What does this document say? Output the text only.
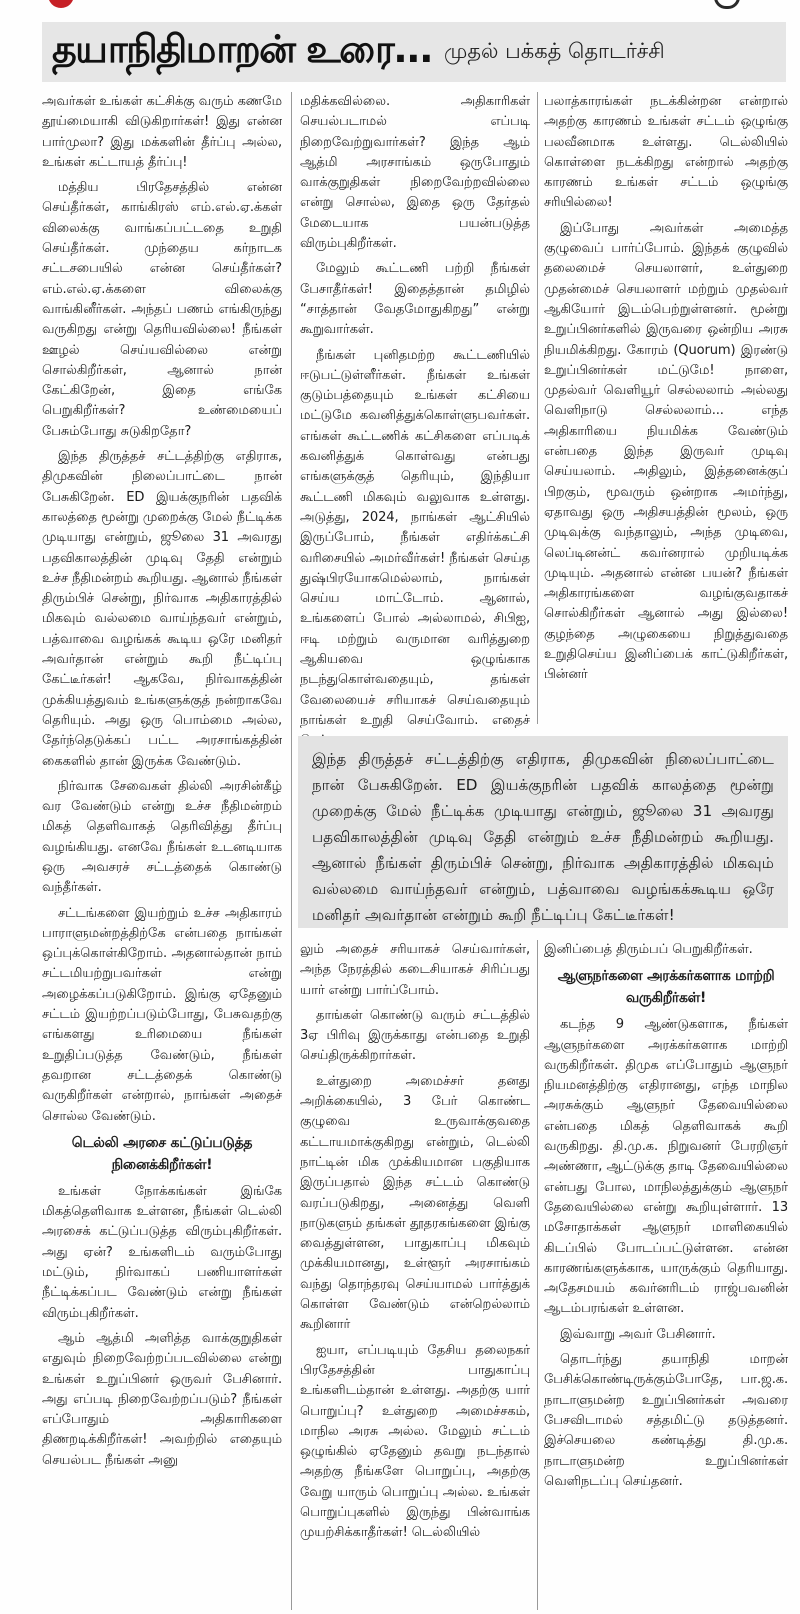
தயாநிதிமாறன் உரை... முதல் பக்கத் தொடர்ச்சி

அவர்கள் உங்கள் கட்சிக்கு வரும் கணமே தூய்மையாகி விடுகிறார்கள்! இது என்ன பார்முலா? இது மக்களின் தீர்ப்பு அல்ல, உங்கள் கட்டாயத் தீர்ப்பு!

மத்திய பிரதேசத்தில் என்ன செய்தீர்கள், காங்கிரஸ் எம்.எல்.ஏ.க்கள் விலைக்கு வாங்கப்பட்டதை உறுதி செய்தீர்கள். முந்தைய கர்நாடக சட்டசபையில் என்ன செய்தீர்கள்? எம்.எல்.ஏ.க்களை விலைக்கு வாங்கினீர்கள். அந்தப் பணம் எங்கிருந்து வருகிறது என்று தெரியவில்லை! நீங்கள் ஊழல் செய்யவில்லை என்று சொல்கிறீர்கள், ஆனால் நான் கேட்கிறேன், இதை எங்கே பெறுகிறீர்கள்? உண்மையைப் பேசும்போது சுடுகிறதோ?

இந்த திருத்தச் சட்டத்திற்கு எதிராக, திமுகவின் நிலைப்பாட்டை நான் பேசுகிறேன். ED இயக்குநரின் பதவிக் காலத்தை மூன்று முறைக்கு மேல் நீட்டிக்க முடியாது என்றும், ஜூலை 31 அவரது பதவிகாலத்தின் முடிவு தேதி என்றும் உச்ச நீதிமன்றம் கூறியது. ஆனால் நீங்கள் திரும்பிச் சென்று, நிர்வாக அதிகாரத்தில் மிகவும் வல்லமை வாய்ந்தவர் என்றும், பத்வாவை வழங்கக் கூடிய ஒரே மனிதர் அவர்தான் என்றும் கூறி நீட்டிப்பு கேட்டீர்கள்! ஆகவே, நிர்வாகத்தின் முக்கியத்துவம் உங்களுக்குத் நன்றாகவே தெரியும். அது ஒரு பொம்மை அல்ல, தேர்ந்தெடுக்கப் பட்ட அரசாங்கத்தின் கைகளில் தான் இருக்க வேண்டும்.

நிர்வாக சேவைகள் தில்லி அரசின்கீழ் வர வேண்டும் என்று உச்ச நீதிமன்றம் மிகத் தெளிவாகத் தெரிவித்து தீர்ப்பு வழங்கியது. எனவே நீங்கள் உடனடியாக ஒரு அவசரச் சட்டத்தைக் கொண்டு வந்தீர்கள்.

சட்டங்களை இயற்றும் உச்ச அதிகாரம் பாராளுமன்றத்திற்கே என்பதை நாங்கள் ஒப்புக்கொள்கிறோம். அதனால்தான் நாம் சட்டமியற்றுபவர்கள் என்று அழைக்கப்படுகிறோம். இங்கு ஏதேனும் சட்டம் இயற்றப்படும்போது, பேசுவதற்கு எங்களது உரிமையை நீங்கள் உறுதிப்படுத்த வேண்டும், நீங்கள் தவறான சட்டத்தைக் கொண்டு வருகிறீர்கள் என்றால், நாங்கள் அதைச் சொல்ல வேண்டும்.

டெல்லி அரசை கட்டுப்படுத்த நினைக்கிறீர்கள்!

உங்கள் நோக்கங்கள் இங்கே மிகத்தெளிவாக உள்ளன, நீங்கள் டெல்லி அரசைக் கட்டுப்படுத்த விரும்புகிறீர்கள். அது ஏன்? உங்களிடம் வரும்போது மட்டும், நிர்வாகப் பணியாளர்கள் நீட்டிக்கப்பட வேண்டும் என்று நீங்கள் விரும்புகிறீர்கள்.

ஆம் ஆத்மி அளித்த வாக்குறுதிகள் எதுவும் நிறைவேற்றப்படவில்லை என்று உங்கள் உறுப்பினர் ஒருவர் பேசினார். அது எப்படி நிறைவேற்றப்படும்? நீங்கள் எப்போதும் அதிகாரிகளை திணறடிக்கிறீர்கள்! அவற்றில் எதையும் செயல்பட நீங்கள் அனு

மதிக்கவில்லை. அதிகாரிகள் செயல்படாமல் எப்படி நிறைவேற்றுவார்கள்? இந்த ஆம் ஆத்மி அரசாங்கம் ஒருபோதும் வாக்குறுதிகள் நிறைவேற்றவில்லை என்று சொல்ல, இதை ஒரு தேர்தல் மேடையாக பயன்படுத்த விரும்புகிறீர்கள்.

மேலும் கூட்டணி பற்றி நீங்கள் பேசாதீர்கள்! இதைத்தான் தமிழில் “சாத்தான் வேதமோதுகிறது” என்று கூறுவார்கள்.

நீங்கள் புனிதமற்ற கூட்டணியில் ஈடுபட்டுள்ளீர்கள். நீங்கள் உங்கள் குடும்பத்தையும் உங்கள் கட்சியை மட்டுமே கவனித்துக்கொள்ளுபவர்கள். எங்கள் கூட்டணிக் கட்சிகளை எப்படிக் கவனித்துக் கொள்வது என்பது எங்களுக்குத் தெரியும், இந்தியா கூட்டணி மிகவும் வலுவாக உள்ளது. அடுத்து, 2024, நாங்கள் ஆட்சியில் இருப்போம், நீங்கள் எதிர்க்கட்சி வரிசையில் அமர்வீர்கள்! நீங்கள் செய்த துஷ்பிரயோகமெல்லாம், நாங்கள் செய்ய மாட்டோம். ஆனால், உங்களைப் போல் அல்லாமல், சிபிஐ, ஈடி மற்றும் வருமான வரித்துறை ஆகியவை ஒழுங்காக நடந்துகொள்வதையும், தங்கள் வேலையைச் சரியாகச் செய்வதையும் நாங்கள் உறுதி செய்வோம். எதைச்

பலாத்காரங்கள் நடக்கின்றன என்றால் அதற்கு காரணம் உங்கள் சட்டம் ஒழுங்கு பலவீனமாக உள்ளது. டெல்லியில் கொள்ளை நடக்கிறது என்றால் அதற்கு காரணம் உங்கள் சட்டம் ஒழுங்கு சரியில்லை!

இப்போது அவர்கள் அமைத்த குழுவைப் பார்ப்போம். இந்தக் குழுவில் தலைமைச் செயலாளர், உள்துறை முதன்மைச் செயலாளர் மற்றும் முதல்வர் ஆகியோர் இடம்பெற்றுள்ளனர். மூன்று உறுப்பினர்களில் இருவரை ஒன்றிய அரசு நியமிக்கிறது. கோரம் (Quorum) இரண்டு உறுப்பினர்கள் மட்டுமே! நாளை, முதல்வர் வெளியூர் செல்லலாம் அல்லது வெளிநாடு செல்லலாம்... எந்த அதிகாரியை நியமிக்க வேண்டும் என்பதை இந்த இருவர் முடிவு செய்யலாம். அதிலும், இத்தனைக்குப் பிறகும், மூவரும் ஒன்றாக அமர்ந்து, ஏதாவது ஒரு அதிசயத்தின் மூலம், ஒரு முடிவுக்கு வந்தாலும், அந்த முடிவை, லெப்டினன்ட் கவர்னரால் முறியடிக்க முடியும். அதனால் என்ன பயன்? நீங்கள் அதிகாரங்களை வழங்குவதாகச் சொல்கிறீர்கள் ஆனால் அது இல்லை! குழந்தை அழுகையை நிறுத்துவதை உறுதிசெய்ய இனிப்பைக் காட்டுகிறீர்கள், பின்னர்

இந்த திருத்தச் சட்டத்திற்கு எதிராக, திமுகவின் நிலைப்பாட்டை நான் பேசுகிறேன். ED இயக்குநரின் பதவிக் காலத்தை மூன்று முறைக்கு மேல் நீட்டிக்க முடியாது என்றும், ஜூலை 31 அவரது பதவிகாலத்தின் முடிவு தேதி என்றும் உச்ச நீதிமன்றம் கூறியது. ஆனால் நீங்கள் திரும்பிச் சென்று, நிர்வாக அதிகாரத்தில் மிகவும் வல்லமை வாய்ந்தவர் என்றும், பத்வாவை வழங்கக்கூடிய ஒரே மனிதர் அவர்தான் என்றும் கூறி நீட்டிப்பு கேட்டீர்கள்!

லும் அதைச் சரியாகச் செய்வார்கள், அந்த நேரத்தில் கடைசியாகச் சிரிப்பது யார் என்று பார்ப்போம்.

தாங்கள் கொண்டு வரும் சட்டத்தில் 3ஏ பிரிவு இருக்காது என்பதை உறுதி செய்திருக்கிறார்கள்.

உள்துறை அமைச்சர் தனது அறிக்கையில், 3 பேர் கொண்ட குழுவை உருவாக்குவதை கட்டாயமாக்குகிறது என்றும், டெல்லி நாட்டின் மிக முக்கியமான பகுதியாக இருப்பதால் இந்த சட்டம் கொண்டு வரப்படுகிறது, அனைத்து வெளி நாடுகளும் தங்கள் தூதரகங்களை இங்கு வைத்துள்ளன, பாதுகாப்பு மிகவும் முக்கியமானது, உள்ளூர் அரசாங்கம் வந்து தொந்தரவு செய்யாமல் பார்த்துக் கொள்ள வேண்டும் என்றெல்லாம் கூறினார்

ஐயா, எப்படியும் தேசிய தலைநகர் பிரதேசத்தின் பாதுகாப்பு உங்களிடம்தான் உள்ளது. அதற்கு யார் பொறுப்பு? உள்துறை அமைச்சகம், மாநில அரசு அல்ல. மேலும் சட்டம் ஒழுங்கில் ஏதேனும் தவறு நடந்தால் அதற்கு நீங்களே பொறுப்பு, அதற்கு வேறு யாரும் பொறுப்பு அல்ல. உங்கள் பொறுப்புகளில் இருந்து பின்வாங்க முயற்சிக்காதீர்கள்! டெல்லியில்

இனிப்பைத் திரும்பப் பெறுகிறீர்கள்.

ஆளுநர்களை அரக்கர்களாக மாற்றி வருகிறீர்கள்!

கடந்த 9 ஆண்டுகளாக, நீங்கள் ஆளுநர்களை அரக்கர்களாக மாற்றி வருகிறீர்கள். திமுக எப்போதும் ஆளுநர் நியமனத்திற்கு எதிரானது, எந்த மாநில அரசுக்கும் ஆளுநர் தேவையில்லை என்பதை மிகத் தெளிவாகக் கூறி வருகிறது. தி.மு.க. நிறுவனர் பேரறிஞர் அண்ணா, ஆட்டுக்கு தாடி தேவையில்லை என்பது போல, மாநிலத்துக்கும் ஆளுநர் தேவையில்லை என்று கூறியுள்ளார். 13 மசோதாக்கள் ஆளுநர் மாளிகையில் கிடப்பில் போடப்பட்டுள்ளன. என்ன காரணங்களுக்காக, யாருக்கும் தெரியாது. அதேசமயம் கவர்னரிடம் ராஜ்பவனின் ஆடம்பரங்கள் உள்ளன.

இவ்வாறு அவர் பேசினார்.

தொடர்ந்து தயாநிதி மாறன் பேசிக்கொண்டிருக்கும்போதே, பா.ஜ.க. நாடாளுமன்ற உறுப்பினர்கள் அவரை பேசவிடாமல் சத்தமிட்டு தடுத்தனர். இச்செயலை கண்டித்து தி.மு.க. நாடாளுமன்ற உறுப்பினர்கள் வெளிநடப்பு செய்தனர்.
